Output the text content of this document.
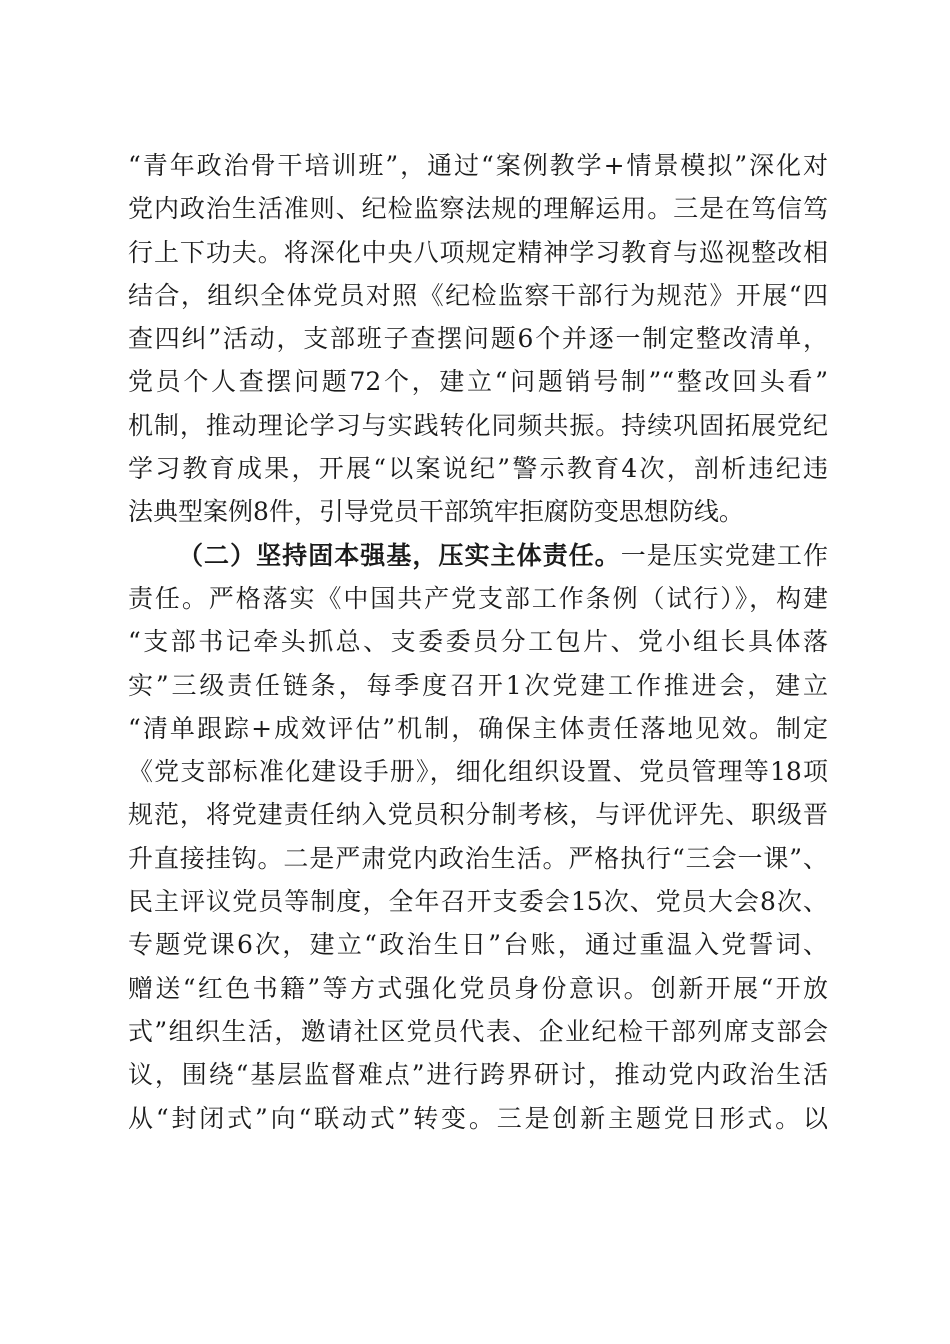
“青年政治骨干培训班”，通过“案例教学+情景模拟”深化对
党内政治生活准则、纪检监察法规的理解运用。三是在笃信笃
行上下功夫。将深化中央八项规定精神学习教育与巡视整改相
结合，组织全体党员对照《纪检监察干部行为规范》开展“四
查四纠”活动，支部班子查摆问题6个并逐一制定整改清单，
党员个人查摆问题72个，建立“问题销号制”“整改回头看”
机制，推动理论学习与实践转化同频共振。持续巩固拓展党纪
学习教育成果，开展“以案说纪”警示教育4次，剖析违纪违
法典型案例8件，引导党员干部筑牢拒腐防变思想防线。
（二）坚持固本强基，压实主体责任。一是压实党建工作
责任。严格落实《中国共产党支部工作条例（试行）》，构建
“支部书记牵头抓总、支委委员分工包片、党小组长具体落
实”三级责任链条，每季度召开1次党建工作推进会，建立
“清单跟踪+成效评估”机制，确保主体责任落地见效。制定
《党支部标准化建设手册》，细化组织设置、党员管理等18项
规范，将党建责任纳入党员积分制考核，与评优评先、职级晋
升直接挂钩。二是严肃党内政治生活。严格执行“三会一课”、
民主评议党员等制度，全年召开支委会15次、党员大会8次、
专题党课6次，建立“政治生日”台账，通过重温入党誓词、
赠送“红色书籍”等方式强化党员身份意识。创新开展“开放
式”组织生活，邀请社区党员代表、企业纪检干部列席支部会
议，围绕“基层监督难点”进行跨界研讨，推动党内政治生活
从“封闭式”向“联动式”转变。三是创新主题党日形式。以
